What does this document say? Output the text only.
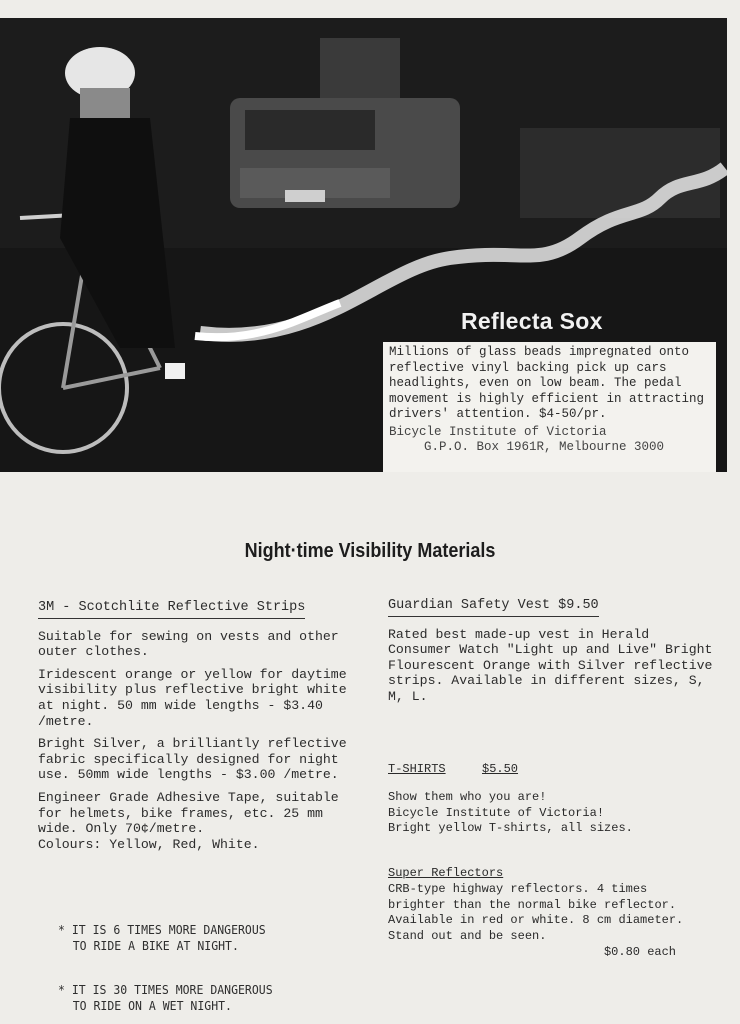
Reflecta Sox

Millions of glass beads impregnated onto reflective vinyl backing pick up cars headlights, even on low beam. The pedal movement is highly efficient in attracting drivers' attention. $4-50/pr.

Bicycle Institute of Victoria
G.P.O. Box 1961R, Melbourne 3000
Night·time Visibility Materials
3M - Scotchlite Reflective Strips

Suitable for sewing on vests and other outer clothes.

Iridescent orange or yellow for daytime visibility plus reflective bright white at night. 50 mm wide lengths - $3.40 /metre.

Bright Silver, a brilliantly reflective fabric specifically designed for night use. 50mm wide lengths - $3.00 /metre.

Engineer Grade Adhesive Tape, suitable for helmets, bike frames, etc. 25 mm wide. Only 70¢/metre.

Colours: Yellow, Red, White.

* IT IS 6 TIMES MORE DANGEROUS
TO RIDE A BIKE AT NIGHT.
* IT IS 30 TIMES MORE DANGEROUS
TO RIDE ON A WET NIGHT.
Guardian Safety Vest $9.50

Rated best made-up vest in Herald Consumer Watch "Light up and Live" Bright Flourescent Orange with Silver reflective strips. Available in different sizes, S, M, L.

T-SHIRTS	$5.50
Show them who you are!
Bicycle Institute of Victoria!
Bright yellow T-shirts, all sizes.
Super Reflectors
CRB-type highway reflectors. 4 times brighter than the normal bike reflector. Available in red or white. 8 cm diameter. Stand out and be seen.
$0.80 each
